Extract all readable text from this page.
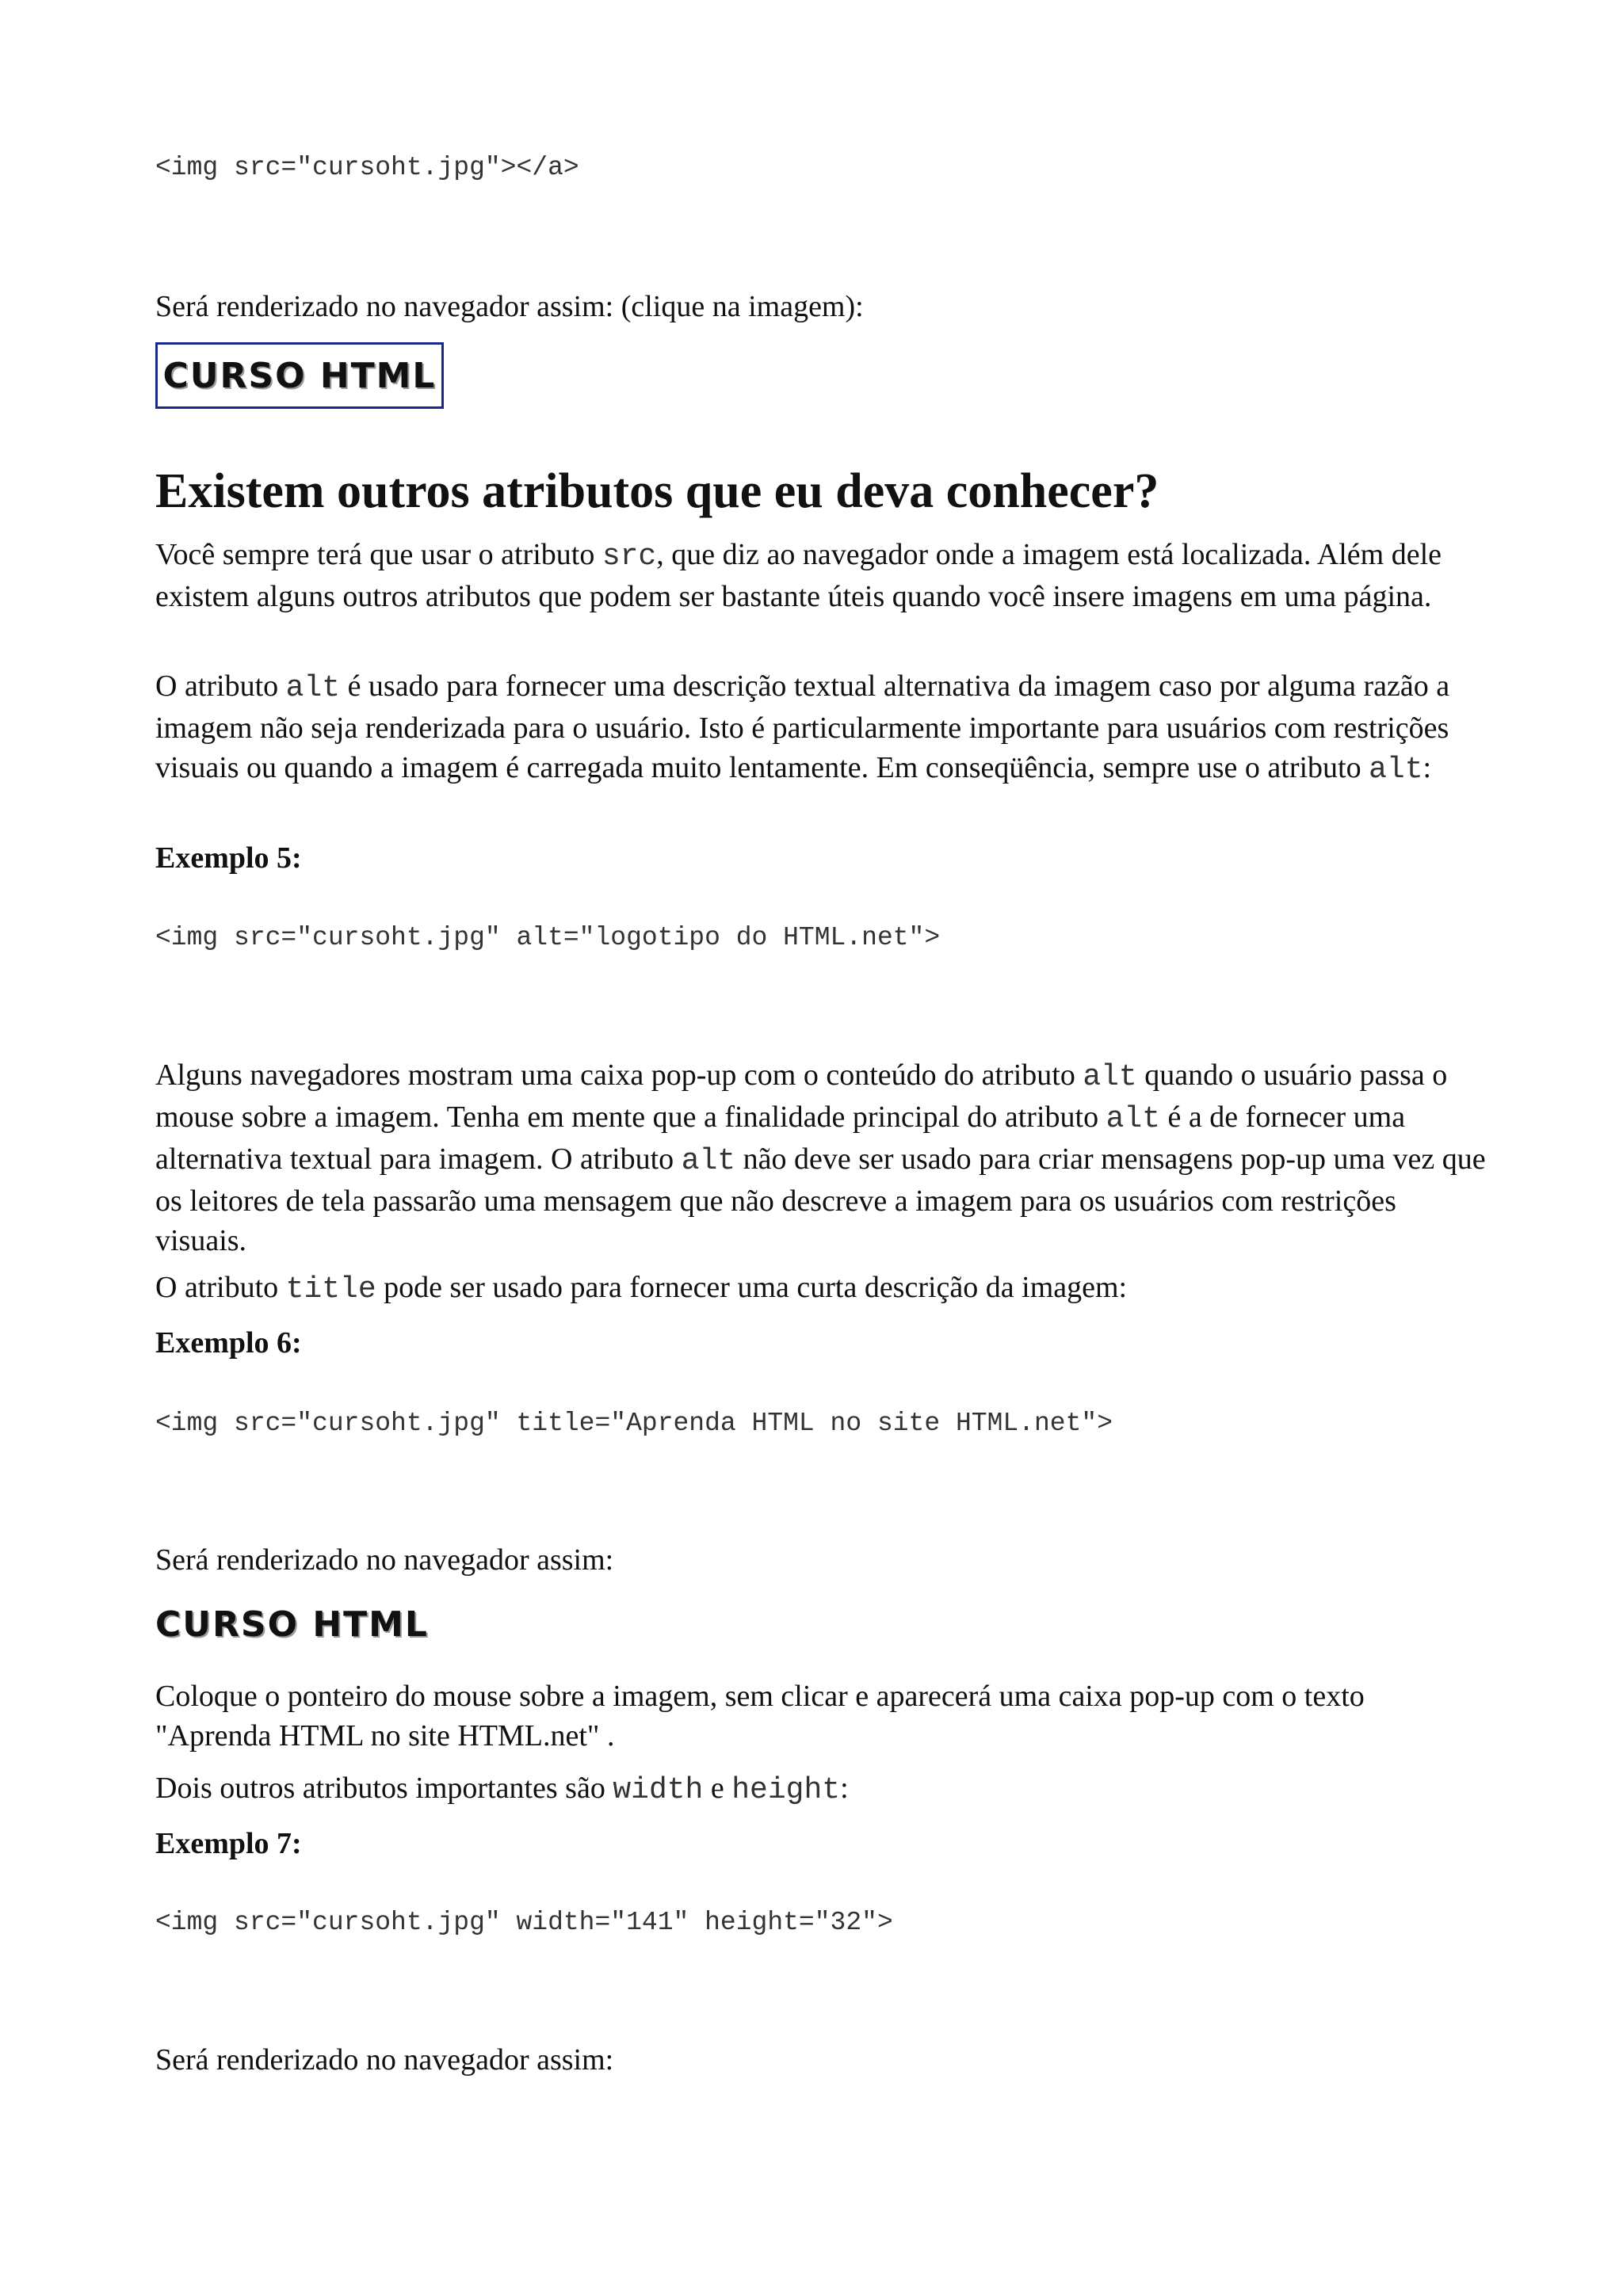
<img src="cursoht.jpg"></a>

Será renderizado no navegador assim: (clique na imagem):

CURSO HTML
Existem outros atributos que eu deva conhecer?

Você sempre terá que usar o atributo src, que diz ao navegador onde a imagem está localizada. Além dele existem alguns outros atributos que podem ser bastante úteis quando você insere imagens em uma página.

O atributo alt é usado para fornecer uma descrição textual alternativa da imagem caso por alguma razão a imagem não seja renderizada para o usuário. Isto é particularmente importante para usuários com restrições visuais ou quando a imagem é carregada muito lentamente. Em conseqüência, sempre use o atributo alt:

Exemplo 5:

<img src="cursoht.jpg" alt="logotipo do HTML.net">

Alguns navegadores mostram uma caixa pop-up com o conteúdo do atributo alt quando o usuário passa o mouse sobre a imagem. Tenha em mente que a finalidade principal do atributo alt é a de fornecer uma alternativa textual para imagem. O atributo alt não deve ser usado para criar mensagens pop-up uma vez que os leitores de tela passarão uma mensagem que não descreve a imagem para os usuários com restrições visuais.

O atributo title pode ser usado para fornecer uma curta descrição da imagem:

Exemplo 6:

<img src="cursoht.jpg" title="Aprenda HTML no site HTML.net">

Será renderizado no navegador assim:

CURSO HTML

Coloque o ponteiro do mouse sobre a imagem, sem clicar e aparecerá uma caixa pop-up com o texto "Aprenda HTML no site HTML.net" .

Dois outros atributos importantes são width e height:

Exemplo 7:

<img src="cursoht.jpg" width="141" height="32">

Será renderizado no navegador assim:
